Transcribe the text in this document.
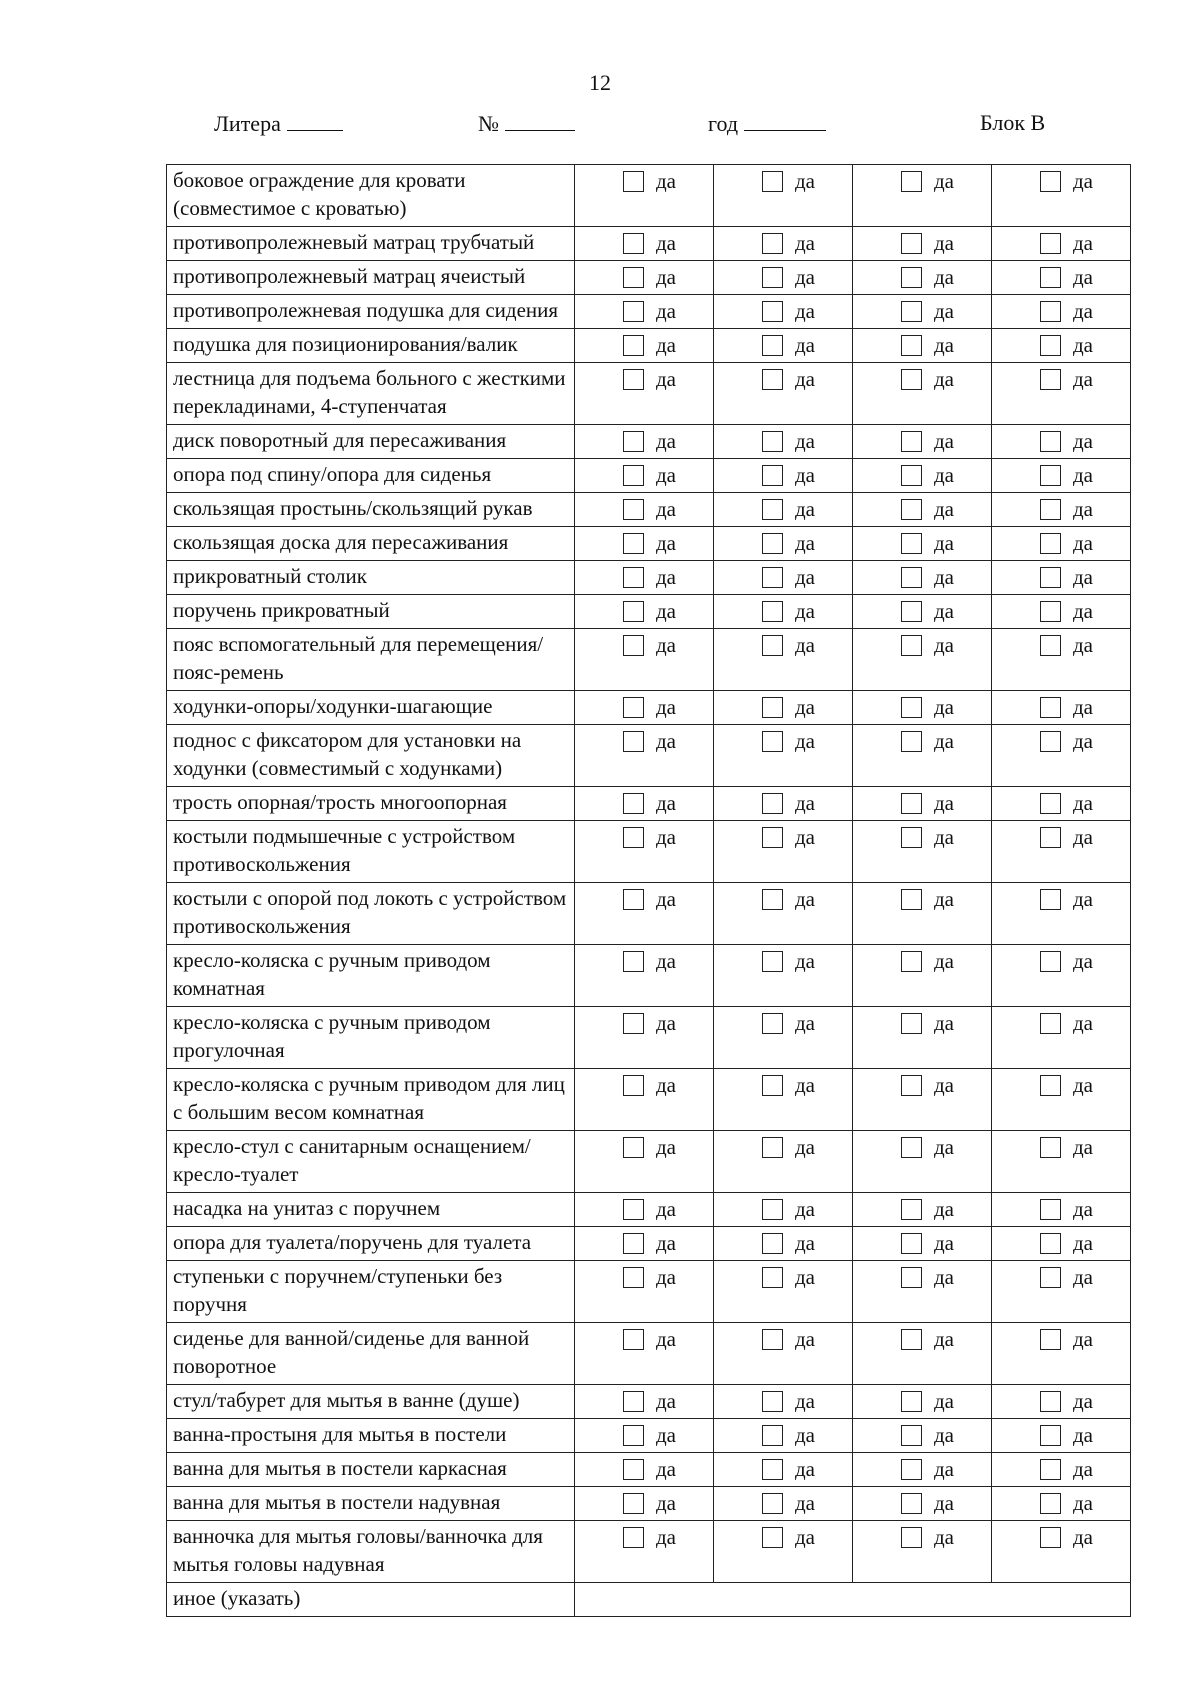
12
Литера	№	год	Блок В
боковое ограждение для кровати (совместимое с кроватью)	да	да	да	да

противопролежневый матрац трубчатый	да	да	да	да

противопролежневый матрац ячеистый	да	да	да	да

противопролежневая подушка для сидения	да	да	да	да

подушка для позиционирования/валик	да	да	да	да

лестница для подъема больного с жесткими перекладинами, 4-ступенчатая	да	да	да	да

диск поворотный для пересаживания	да	да	да	да

опора под спину/опора для сиденья	да	да	да	да

скользящая простынь/скользящий рукав	да	да	да	да

скользящая доска для пересаживания	да	да	да	да

прикроватный столик	да	да	да	да

поручень прикроватный	да	да	да	да

пояс вспомогательный для перемещения/пояс-ремень	да	да	да	да

ходунки-опоры/ходунки-шагающие	да	да	да	да

поднос с фиксатором для установки на ходунки (совместимый с ходунками)	да	да	да	да

трость опорная/трость многоопорная	да	да	да	да

костыли подмышечные с устройством противоскольжения	да	да	да	да

костыли с опорой под локоть с устройством противоскольжения	да	да	да	да

кресло-коляска с ручным приводом комнатная	да	да	да	да

кресло-коляска с ручным приводом прогулочная	да	да	да	да

кресло-коляска с ручным приводом для лиц с большим весом комнатная	да	да	да	да

кресло-стул с санитарным оснащением/кресло-туалет	да	да	да	да

насадка на унитаз с поручнем	да	да	да	да

опора для туалета/поручень для туалета	да	да	да	да

ступеньки с поручнем/ступеньки без поручня	да	да	да	да

сиденье для ванной/сиденье для ванной поворотное	да	да	да	да

стул/табурет для мытья в ванне (душе)	да	да	да	да

ванна-простыня для мытья в постели	да	да	да	да

ванна для мытья в постели каркасная	да	да	да	да

ванна для мытья в постели надувная	да	да	да	да

ванночка для мытья головы/ванночка для мытья головы надувная	да	да	да	да

иное (указать)				
